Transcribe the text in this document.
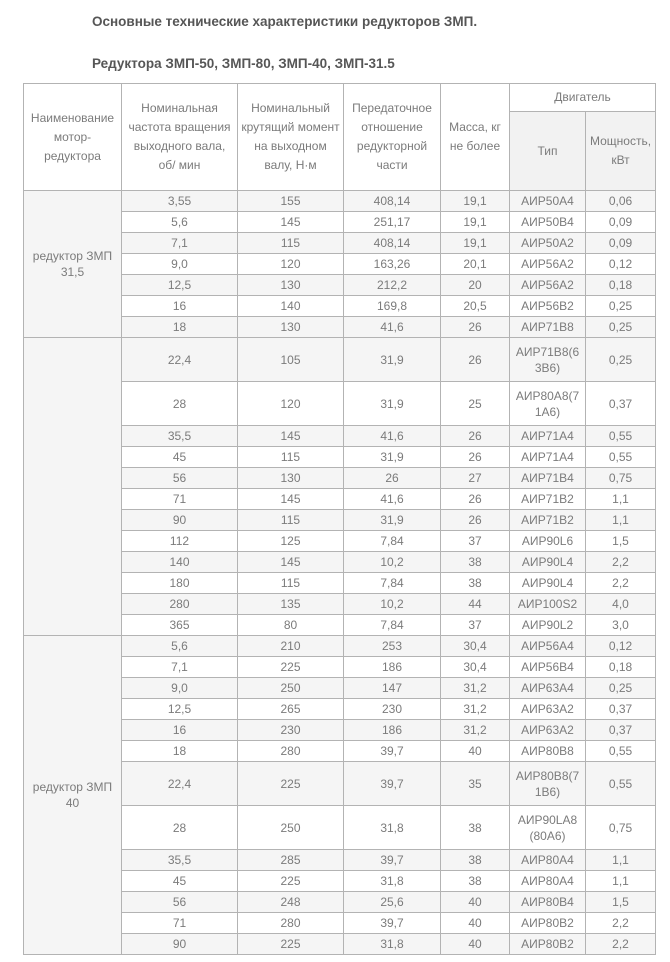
Основные технические характеристики редукторов ЗМП.
Редуктора ЗМП-50, ЗМП-80, ЗМП-40, ЗМП-31.5
Наименование мотор-редуктора	Номинальная частота вращения выходного вала, об/ мин	Номинальный крутящий момент на выходном валу, Н·м	Передаточное отношение редукторной части	Масса, кг не более	Двигатель	
					Тип	Мощность, кВт
редуктор ЗМП 31,5	3,55	155	408,14	19,1	АИР50А4	0,06
	5,6	145	251,17	19,1	АИР50В4	0,09
	7,1	115	408,14	19,1	АИР50А2	0,09
	9,0	120	163,26	20,1	АИР56А2	0,12
	12,5	130	212,2	20	АИР56А2	0,18
	16	140	169,8	20,5	АИР56В2	0,25
	18	130	41,6	26	АИР71В8	0,25
	22,4	105	31,9	26	АИР71В8(63В6)	0,25
	28	120	31,9	25	АИР80А8(71А6)	0,37
	35,5	145	41,6	26	АИР71А4	0,55
	45	115	31,9	26	АИР71А4	0,55
	56	130	26	27	АИР71В4	0,75
	71	145	41,6	26	АИР71В2	1,1
	90	115	31,9	26	АИР71В2	1,1
	112	125	7,84	37	АИР90L6	1,5
	140	145	10,2	38	АИР90L4	2,2
	180	115	7,84	38	АИР90L4	2,2
	280	135	10,2	44	АИР100S2	4,0
	365	80	7,84	37	АИР90L2	3,0
редуктор ЗМП 40	5,6	210	253	30,4	АИР56А4	0,12
	7,1	225	186	30,4	АИР56В4	0,18
	9,0	250	147	31,2	АИР63А4	0,25
	12,5	265	230	31,2	АИР63А2	0,37
	16	230	186	31,2	АИР63А2	0,37
	18	280	39,7	40	АИР80В8	0,55
	22,4	225	39,7	35	АИР80В8(71В6)	0,55
	28	250	31,8	38	АИР90LA8(80А6)	0,75
	35,5	285	39,7	38	АИР80А4	1,1
	45	225	31,8	38	АИР80А4	1,1
	56	248	25,6	40	АИР80В4	1,5
	71	280	39,7	40	АИР80В2	2,2
	90	225	31,8	40	АИР80В2	2,2
